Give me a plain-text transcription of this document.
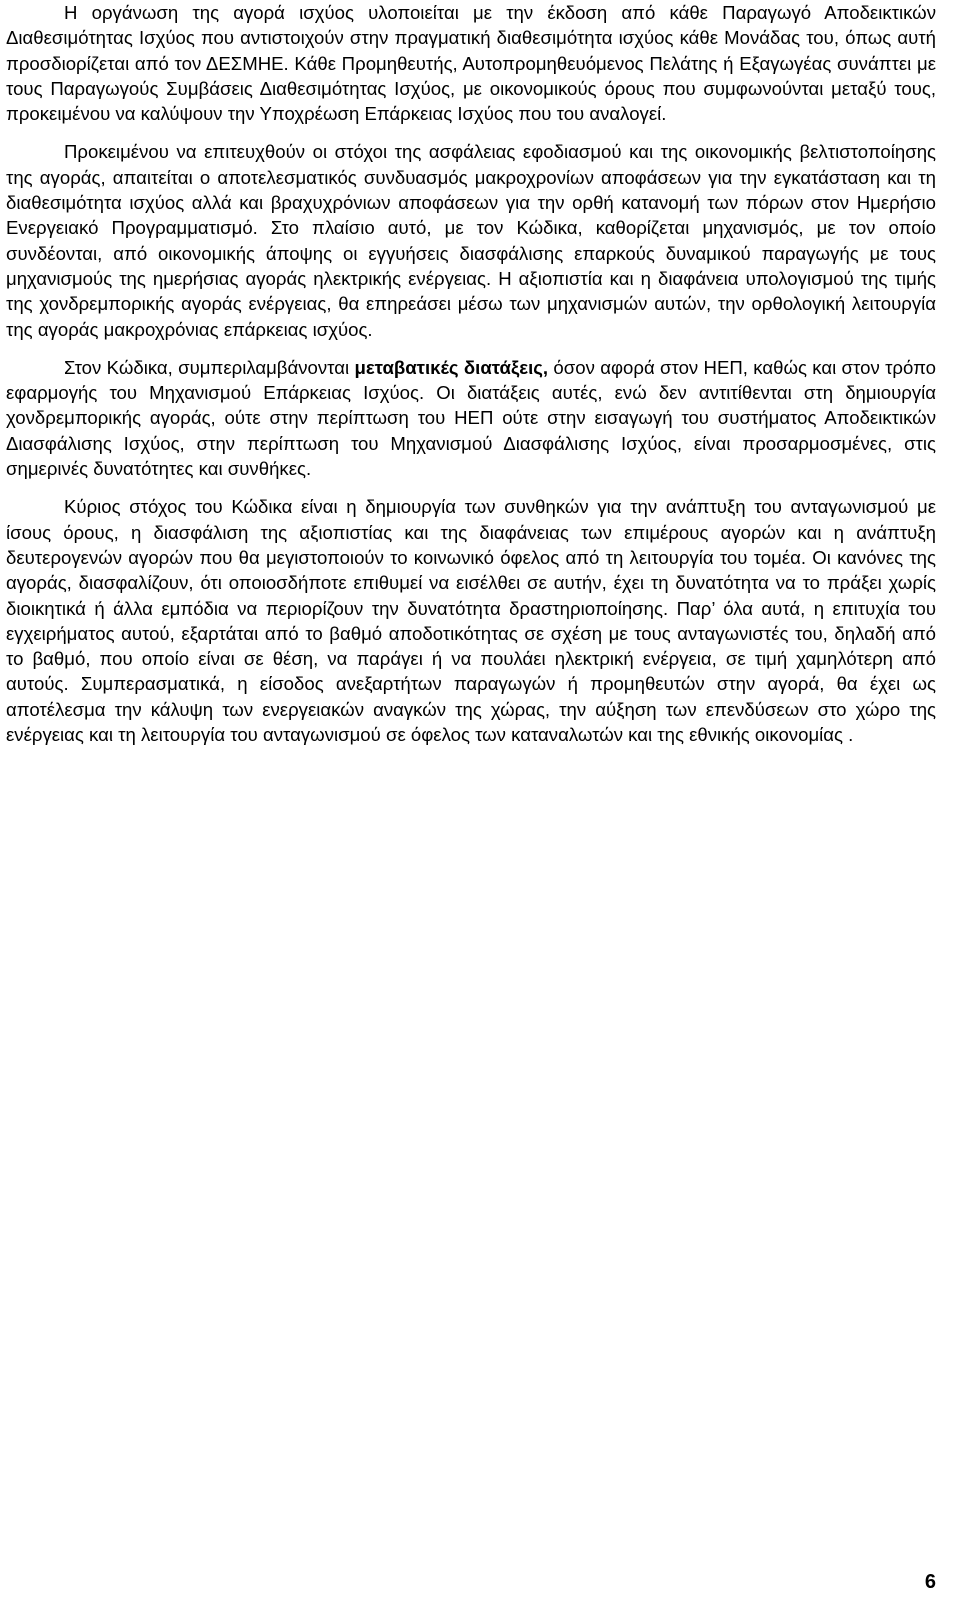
Η οργάνωση της αγορά ισχύος υλοποιείται με την έκδοση από κάθε Παραγωγό Αποδεικτικών Διαθεσιμότητας Ισχύος που αντιστοιχούν στην πραγματική διαθεσιμότητα ισχύος κάθε Μονάδας του, όπως αυτή προσδιορίζεται από τον ΔΕΣΜΗΕ. Κάθε Προμηθευτής, Αυτοπρομηθευόμενος Πελάτης ή Εξαγωγέας συνάπτει με τους Παραγωγούς Συμβάσεις Διαθεσιμότητας Ισχύος, με οικονομικούς όρους που συμφωνούνται μεταξύ τους, προκειμένου να καλύψουν την Υποχρέωση Επάρκειας Ισχύος που του αναλογεί.

Προκειμένου να επιτευχθούν οι στόχοι της ασφάλειας εφοδιασμού και της οικονομικής βελτιστοποίησης της αγοράς, απαιτείται ο αποτελεσματικός συνδυασμός μακροχρονίων αποφάσεων για την εγκατάσταση και τη διαθεσιμότητα ισχύος αλλά και βραχυχρόνιων αποφάσεων για την ορθή κατανομή των πόρων στον Ημερήσιο Ενεργειακό Προγραμματισμό. Στο πλαίσιο αυτό, με τον Κώδικα, καθορίζεται μηχανισμός, με τον οποίο συνδέονται, από οικονομικής άποψης οι εγγυήσεις διασφάλισης επαρκούς δυναμικού παραγωγής με τους μηχανισμούς της ημερήσιας αγοράς ηλεκτρικής ενέργειας. Η αξιοπιστία και η διαφάνεια υπολογισμού της τιμής της χονδρεμπορικής αγοράς ενέργειας, θα επηρεάσει μέσω των μηχανισμών αυτών, την ορθολογική λειτουργία της αγοράς μακροχρόνιας επάρκειας ισχύος.

Στον Κώδικα, συμπεριλαμβάνονται μεταβατικές διατάξεις, όσον αφορά στον ΗΕΠ, καθώς και στον τρόπο εφαρμογής του Μηχανισμού Επάρκειας Ισχύος. Οι διατάξεις αυτές, ενώ δεν αντιτίθενται στη δημιουργία χονδρεμπορικής αγοράς, ούτε στην περίπτωση του ΗΕΠ ούτε στην εισαγωγή του συστήματος Αποδεικτικών Διασφάλισης Ισχύος, στην περίπτωση του Μηχανισμού Διασφάλισης Ισχύος, είναι προσαρμοσμένες, στις σημερινές δυνατότητες και συνθήκες.

Κύριος στόχος του Κώδικα είναι η δημιουργία των συνθηκών για την ανάπτυξη του ανταγωνισμού με ίσους όρους, η διασφάλιση της αξιοπιστίας και της διαφάνειας των επιμέρους αγορών και η ανάπτυξη δευτερογενών αγορών που θα μεγιστοποιούν το κοινωνικό όφελος από τη λειτουργία του τομέα. Οι κανόνες της αγοράς, διασφαλίζουν, ότι οποιοσδήποτε επιθυμεί να εισέλθει σε αυτήν, έχει τη δυνατότητα να το πράξει χωρίς διοικητικά ή άλλα εμπόδια να περιορίζουν την δυνατότητα δραστηριοποίησης. Παρ’ όλα αυτά, η επιτυχία του εγχειρήματος αυτού, εξαρτάται από το βαθμό αποδοτικότητας σε σχέση με τους ανταγωνιστές του, δηλαδή από το βαθμό, που οποίο είναι σε θέση, να παράγει ή να πουλάει ηλεκτρική ενέργεια, σε τιμή χαμηλότερη από αυτούς. Συμπερασματικά, η είσοδος ανεξαρτήτων παραγωγών ή προμηθευτών στην αγορά, θα έχει ως αποτέλεσμα την κάλυψη των ενεργειακών αναγκών της χώρας, την αύξηση των επενδύσεων στο χώρο της ενέργειας και τη λειτουργία του ανταγωνισμού σε όφελος των καταναλωτών και της εθνικής οικονομίας .

6
